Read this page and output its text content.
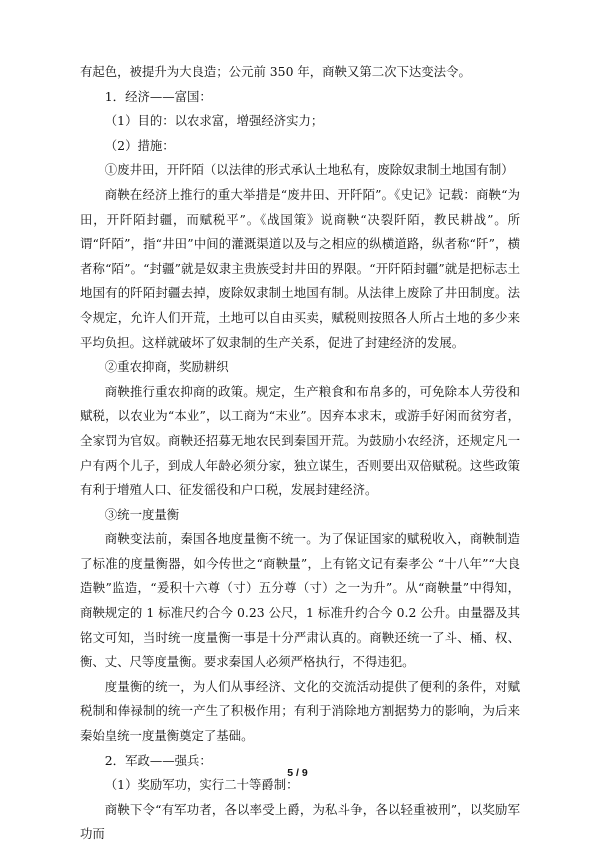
有起色，被提升为大良造；公元前 350 年，商鞅又第二次下达变法令。

1．经济——富国：

（1）目的：以农求富，增强经济实力；

（2）措施：

①废井田，开阡陌（以法律的形式承认土地私有，废除奴隶制土地国有制）

商鞅在经济上推行的重大举措是“废井田、开阡陌”。《史记》记载：商鞅“为田，开阡陌封疆，而赋税平”。《战国策》说商鞅“决裂阡陌，教民耕战”。所谓“阡陌”，指“井田”中间的灌溉渠道以及与之相应的纵横道路，纵者称“阡”，横者称“陌”。“封疆”就是奴隶主贵族受封井田的界限。“开阡陌封疆”就是把标志土地国有的阡陌封疆去掉，废除奴隶制土地国有制。从法律上废除了井田制度。法令规定，允许人们开荒，土地可以自由买卖，赋税则按照各人所占土地的多少来平均负担。这样就破坏了奴隶制的生产关系，促进了封建经济的发展。

②重农抑商，奖励耕织

商鞅推行重农抑商的政策。规定，生产粮食和布帛多的，可免除本人劳役和赋税，以农业为“本业”，以工商为“末业”。因弃本求末，或游手好闲而贫穷者，全家罚为官奴。商鞅还招募无地农民到秦国开荒。为鼓励小农经济，还规定凡一户有两个儿子，到成人年龄必须分家，独立谋生，否则要出双倍赋税。这些政策有利于增殖人口、征发徭役和户口税，发展封建经济。

③统一度量衡

商鞅变法前，秦国各地度量衡不统一。为了保证国家的赋税收入，商鞅制造了标准的度量衡器，如今传世之“商鞅量”，上有铭文记有秦孝公 “十八年”“大良造鞅”监造，“爰积十六尊（寸）五分尊（寸）之一为升”。从“商鞅量”中得知，商鞅规定的 1 标准尺约合今 0.23 公尺，1 标准升约合今 0.2 公升。由量器及其铭文可知，当时统一度量衡一事是十分严肃认真的。商鞅还统一了斗、桶、权、衡、丈、尺等度量衡。要求秦国人必须严格执行，不得违犯。

度量衡的统一，为人们从事经济、文化的交流活动提供了便利的条件，对赋税制和俸禄制的统一产生了积极作用；有利于消除地方割据势力的影响，为后来秦始皇统一度量衡奠定了基础。

2．军政——强兵：

（1）奖励军功，实行二十等爵制：

商鞅下令“有军功者，各以率受上爵，为私斗争，各以轻重被刑”，以奖励军功而

5 / 9
